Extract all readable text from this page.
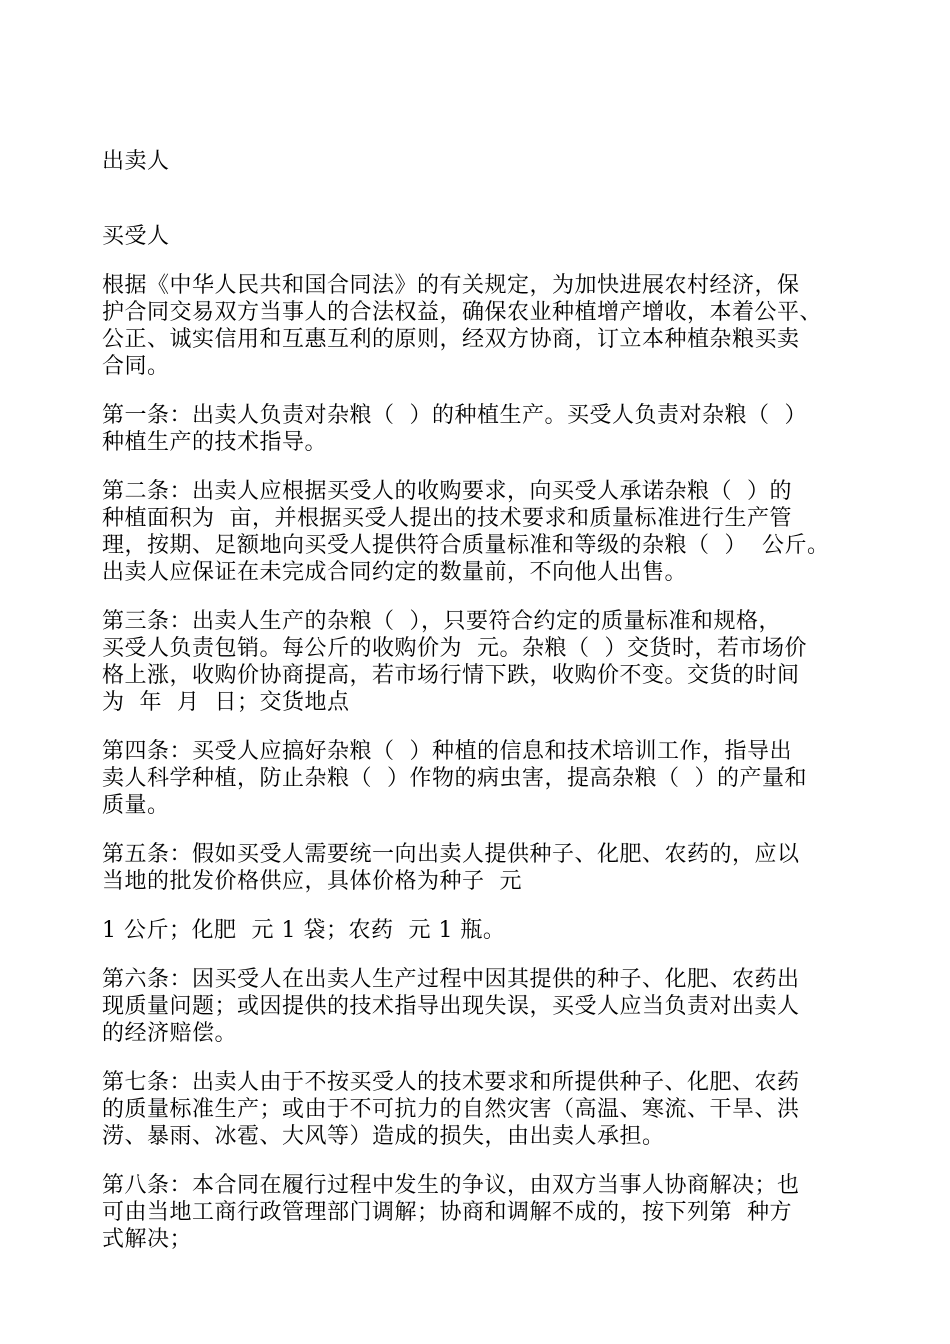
出卖人

买受人

根据《中华人民共和国合同法》的有关规定，为加快进展农村经济，保

护合同交易双方当事人的合法权益，确保农业种植增产增收，本着公平、

公正、诚实信用和互惠互利的原则，经双方协商，订立本种植杂粮买卖

合同。

第一条：出卖人负责对杂粮（  ）的种植生产。买受人负责对杂粮（  ）

种植生产的技术指导。

第二条：出卖人应根据买受人的收购要求，向买受人承诺杂粮（  ）的

种植面积为  亩，并根据买受人提出的技术要求和质量标准进行生产管

理，按期、足额地向买受人提供符合质量标准和等级的杂粮（  ）  公斤。

出卖人应保证在未完成合同约定的数量前，不向他人出售。

第三条：出卖人生产的杂粮（  ），只要符合约定的质量标准和规格，

买受人负责包销。每公斤的收购价为  元。杂粮（  ）交货时，若市场价

格上涨，收购价协商提高，若市场行情下跌，收购价不变。交货的时间

为  年  月  日；交货地点

第四条：买受人应搞好杂粮（  ）种植的信息和技术培训工作，指导出

卖人科学种植，防止杂粮（  ）作物的病虫害，提高杂粮（  ）的产量和

质量。

第五条：假如买受人需要统一向出卖人提供种子、化肥、农药的，应以

当地的批发价格供应，具体价格为种子  元

1 公斤；化肥  元 1 袋；农药  元 1 瓶。

第六条：因买受人在出卖人生产过程中因其提供的种子、化肥、农药出

现质量问题；或因提供的技术指导出现失误，买受人应当负责对出卖人

的经济赔偿。

第七条：出卖人由于不按买受人的技术要求和所提供种子、化肥、农药

的质量标准生产；或由于不可抗力的自然灾害（高温、寒流、干旱、洪

涝、暴雨、冰雹、大风等）造成的损失，由出卖人承担。

第八条：本合同在履行过程中发生的争议，由双方当事人协商解决；也

可由当地工商行政管理部门调解；协商和调解不成的，按下列第  种方

式解决；
